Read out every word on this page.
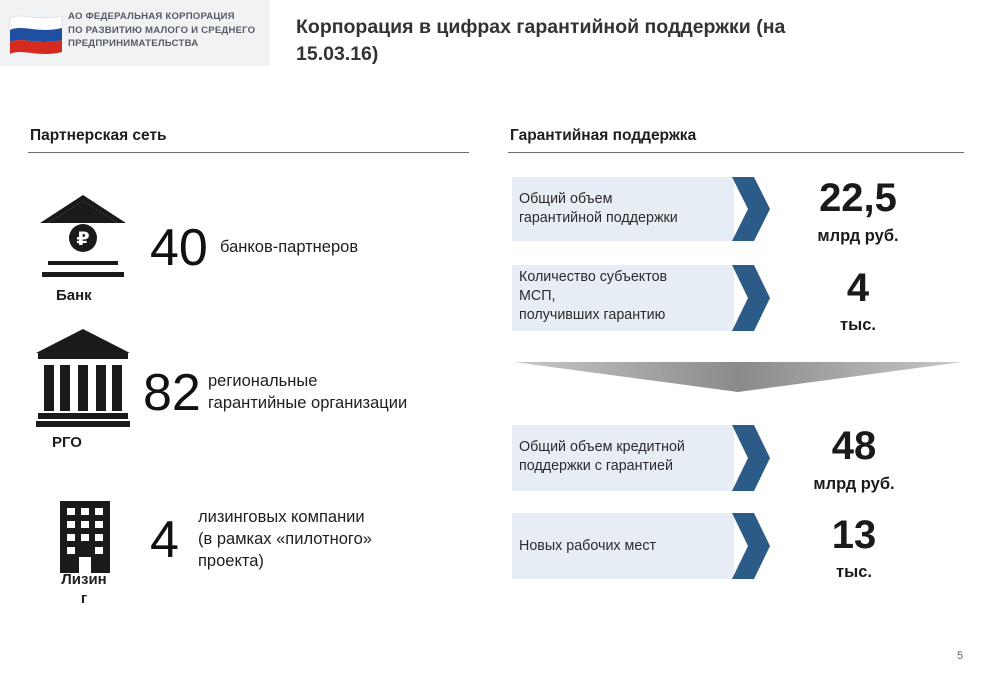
АО ФЕДЕРАЛЬНАЯ КОРПОРАЦИЯ
ПО РАЗВИТИЮ МАЛОГО И СРЕДНЕГО
ПРЕДПРИНИМАТЕЛЬСТВА
Корпорация в цифрах гарантийной поддержки (на
15.03.16)
Партнерская сеть
₽
Банк
40 банков-партнеров
РГО
82 региональные
гарантийные организации
Лизин
г
4 лизинговых компании
(в рамках «пилотного»
проекта)
Гарантийная поддержка
Общий объем
гарантийной поддержки	22,5
млрд руб.
Количество субъектов
МСП,
получивших гарантию
4
тыс.
Общий объем кредитной
поддержки с гарантией	48
млрд руб.
Новых рабочих мест	13
тыс.
5
